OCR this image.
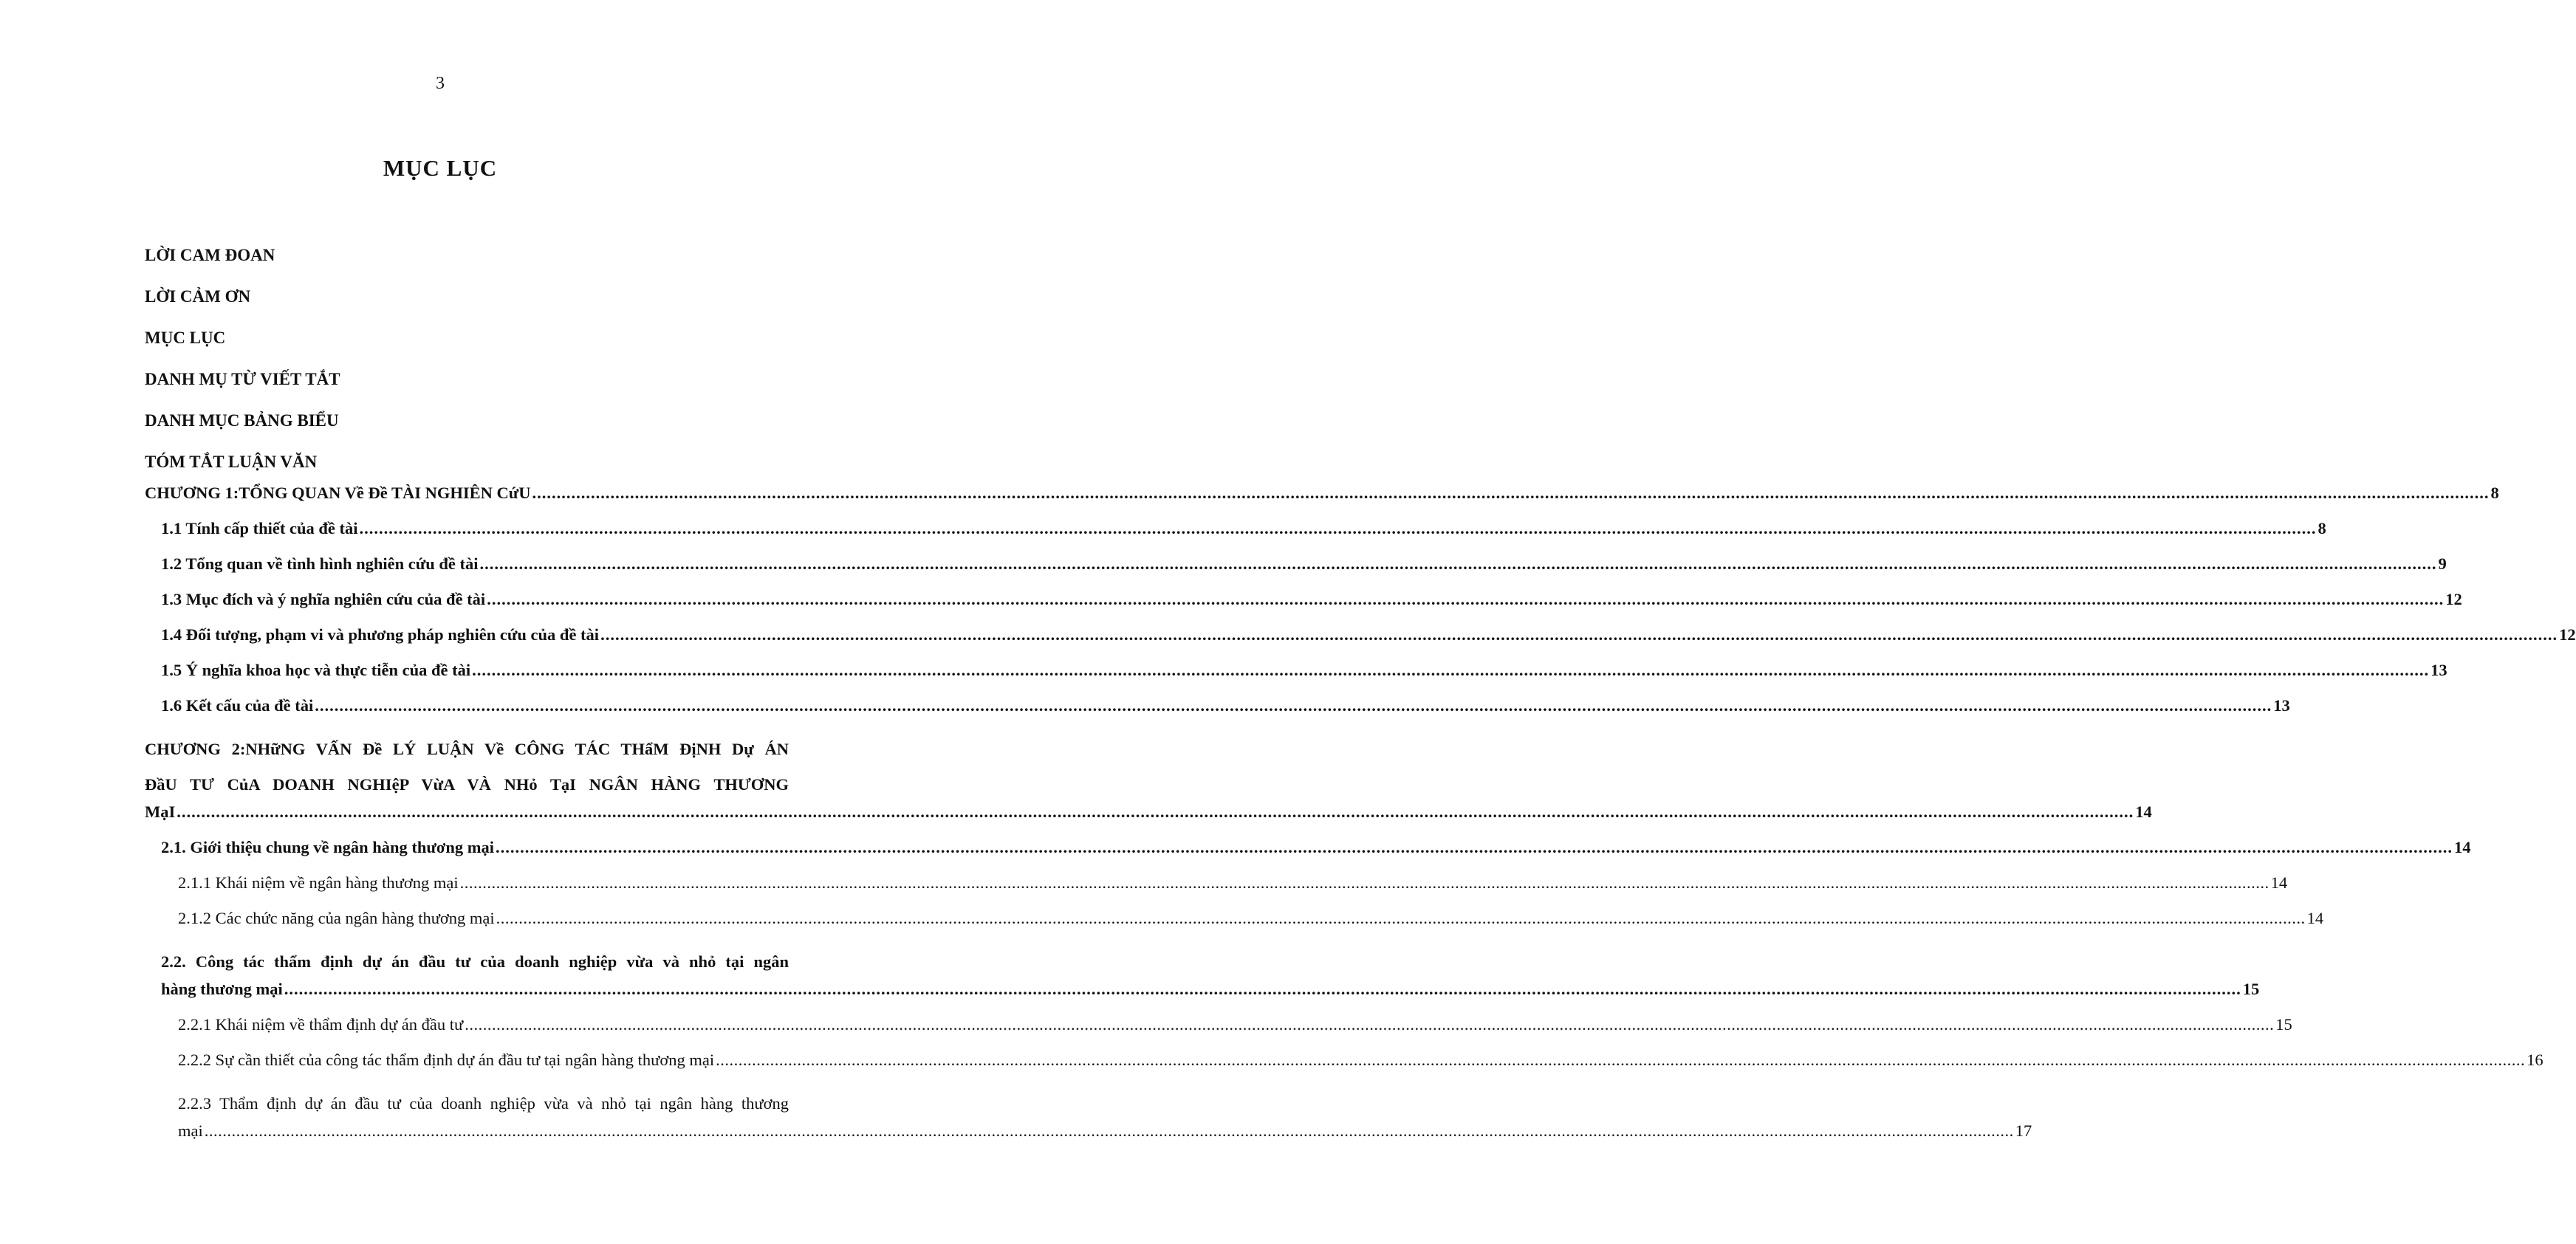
3
MỤC LỤC
LỜI CAM ĐOAN
LỜI CẢM ƠN
MỤC LỤC
DANH MỤ TỪ VIẾT TẮT
DANH MỤC BẢNG BIỂU
TÓM TẮT LUẬN VĂN
CHƯƠNG 1:TỔNG QUAN Về Đề TÀI NGHIÊN CứU ................................................................................................................................................................................................................................................................................................................................................................................................................ 8
1.1 Tính cấp thiết của đề tài ................................................................................................................................................................................................................................................................................................................................................................................................................ 8
1.2 Tổng quan về tình hình nghiên cứu đề tài ................................................................................................................................................................................................................................................................................................................................................................................................................ 9
1.3 Mục đích và ý nghĩa nghiên cứu của đề tài ................................................................................................................................................................................................................................................................................................................................................................................................................ 12
1.4 Đối tượng, phạm vi và phương pháp nghiên cứu của đề tài ................................................................................................................................................................................................................................................................................................................................................................................................................ 12
1.5 Ý nghĩa khoa học và thực tiễn của đề tài ................................................................................................................................................................................................................................................................................................................................................................................................................ 13
1.6 Kết cấu của đề tài ................................................................................................................................................................................................................................................................................................................................................................................................................ 13
CHƯƠNG 2:NHữNG VẤN Đề LÝ LUẬN Về CÔNG TÁC THẩM ĐịNH Dự ÁN
ĐầU TƯ CủA DOANH NGHIệP VừA VÀ NHỏ TạI NGÂN HÀNG THƯƠNG
MạI ................................................................................................................................................................................................................................................................................................................................................................................................................ 14
2.1. Giới thiệu chung về ngân hàng thương mại ................................................................................................................................................................................................................................................................................................................................................................................................................ 14
2.1.1 Khái niệm về ngân hàng thương mại ................................................................................................................................................................................................................................................................................................................................................................................................................ 14
2.1.2 Các chức năng của ngân hàng thương mại ................................................................................................................................................................................................................................................................................................................................................................................................................ 14
2.2. Công tác thẩm định dự án đầu tư của doanh nghiệp vừa và nhỏ tại ngân
hàng thương mại ................................................................................................................................................................................................................................................................................................................................................................................................................ 15
2.2.1 Khái niệm về thẩm định dự án đầu tư ................................................................................................................................................................................................................................................................................................................................................................................................................ 15
2.2.2 Sự cần thiết của công tác thẩm định dự án đầu tư tại ngân hàng thương mại ................................................................................................................................................................................................................................................................................................................................................................................................................ 16
2.2.3 Thẩm định dự án đầu tư của doanh nghiệp vừa và nhỏ tại ngân hàng thương
mại ................................................................................................................................................................................................................................................................................................................................................................................................................ 17
